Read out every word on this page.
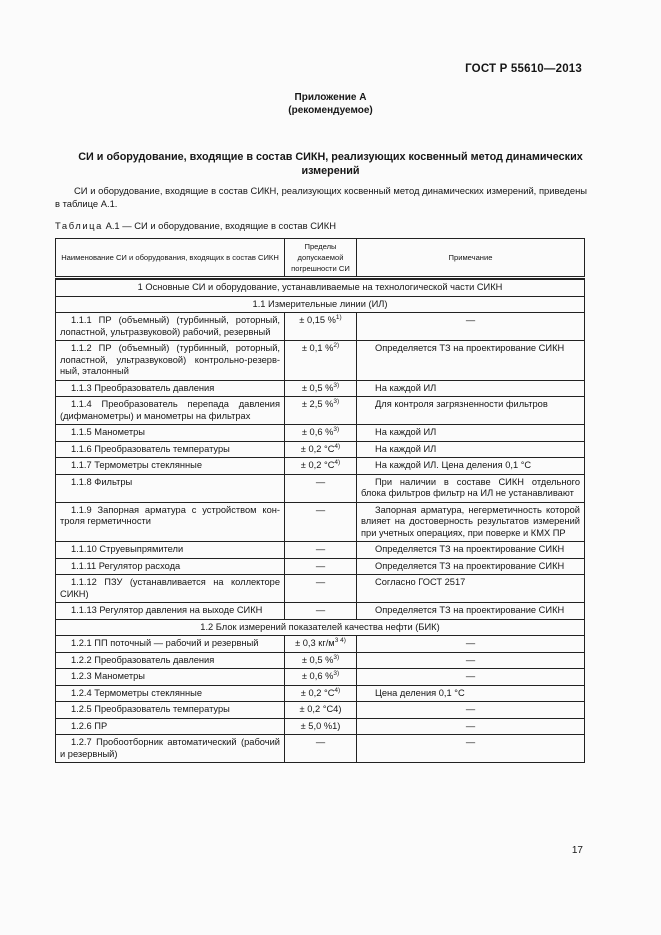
ГОСТ Р 55610—2013
Приложение А
(рекомендуемое)
СИ и оборудование, входящие в состав СИКН, реализующих косвенный метод динамических измерений
СИ и оборудование, входящие в состав СИКН, реализующих косвенный метод динамических измерений, приведены в таблице А.1.
Таблица А.1 — СИ и оборудование, входящие в состав СИКН
Наименование СИ и оборудования, входящих в состав СИКН	Пределы допускаемой погрешности СИ	Примечание

1 Основные СИ и оборудование, устанавливаемые на технологической части СИКН		
1.1 Измерительные линии (ИЛ)		
1.1.1 ПР (объемный) (турбинный, роторный, лопастной, ультразвуковой) рабочий, резервный	± 0,15 %$^{1)}$	—
1.1.2 ПР (объемный) (турбинный, роторный, лопастной, ультразвуковой) контрольно-резервный, эталонный	± 0,1 %$^{2)}$	Определяется ТЗ на проектирование СИКН
1.1.3 Преобразователь давления	± 0,5 %$^{3)}$	На каждой ИЛ
1.1.4 Преобразователь перепада давления (дифманометры) и манометры на фильтрах	± 2,5 %$^{3)}$	Для контроля загрязненности фильтров
1.1.5 Манометры	± 0,6 %$^{3)}$	На каждой ИЛ
1.1.6 Преобразователь температуры	± 0,2 $^\circ С^{4)}$	На каждой ИЛ
1.1.7 Термометры стеклянные	± 0,2 $^\circ С^{4)}$	На каждой ИЛ. Цена деления 0,1 °С
1.1.8 Фильтры	—	При наличии в составе СИКН отдельного блока фильтров фильтр на ИЛ не устанавливают
1.1.9 Запорная арматура с устройством контроля герметичности	—	Запорная арматура, негерметичность которой влияет на достоверность результатов измерений при учетных операциях, при поверке и КМХ ПР
1.1.10 Струевыпрямители	—	Определяется ТЗ на проектирование СИКН
1.1.11 Регулятор расхода	—	Определяется ТЗ на проектирование СИКН
1.1.12 ПЗУ (устанавливается на коллекторе СИКН)	—	Согласно ГОСТ 2517
1.1.13 Регулятор давления на выходе СИКН	—	Определяется ТЗ на проектирование СИКН
1.2 Блок измерений показателей качества нефти (БИК)		
1.2.1 ПП поточный — рабочий и резервный	± 0,3 $кг/м^{3 4)}$	—
1.2.2 Преобразователь давления	± 0,5 %$^{3)}$	—
1.2.3 Манометры	± 0,6 %$^{3)}$	—
1.2.4 Термометры стеклянные	± 0,2 $^\circ С^{4)}$	Цена деления 0,1 °С
1.2.5 Преобразователь температуры	± 0,2 °С4)	—
1.2.6 ПР	± 5,0 %1)	—
1.2.7 Пробоотборник автоматический (рабочий и резервный)	—	—
17
